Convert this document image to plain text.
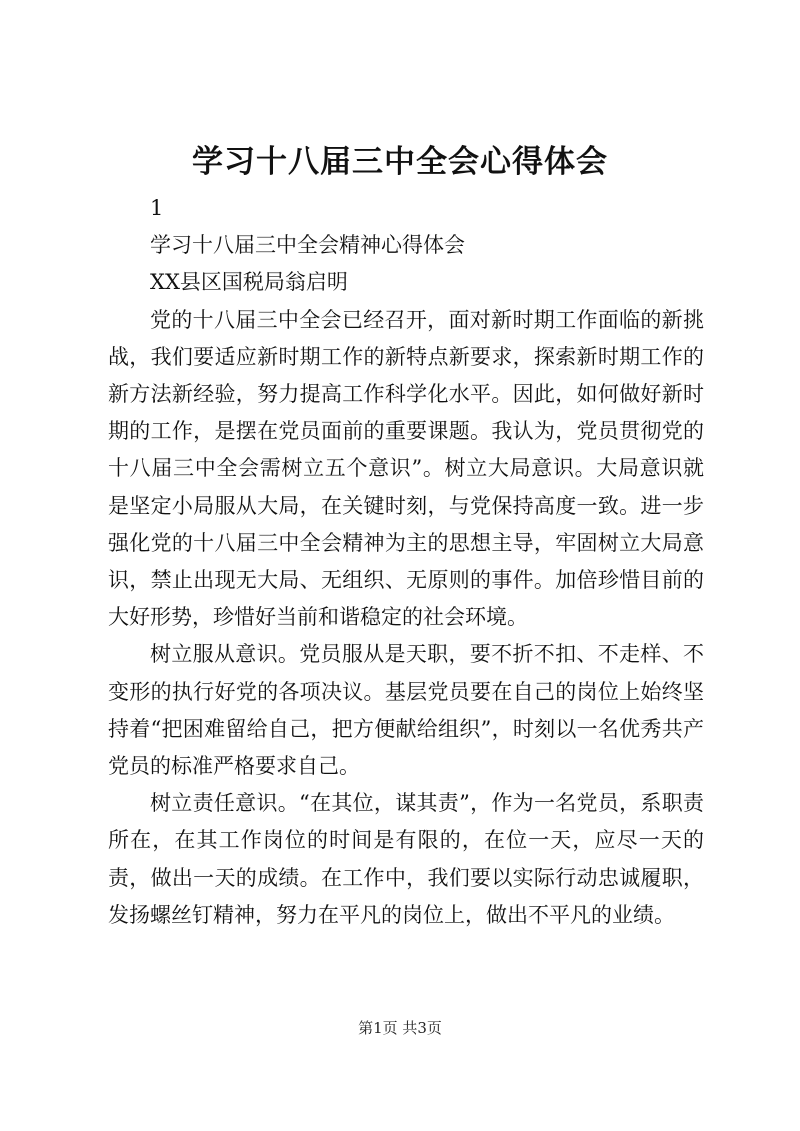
学习十八届三中全会心得体会

1

学习十八届三中全会精神心得体会

XX县区国税局翁启明

党的十八届三中全会已经召开，面对新时期工作面临的新挑战，我们要适应新时期工作的新特点新要求，探索新时期工作的新方法新经验，努力提高工作科学化水平。因此，如何做好新时期的工作，是摆在党员面前的重要课题。我认为，党员贯彻党的十八届三中全会需树立五个意识”。树立大局意识。大局意识就是坚定小局服从大局，在关键时刻，与党保持高度一致。进一步强化党的十八届三中全会精神为主的思想主导，牢固树立大局意识，禁止出现无大局、无组织、无原则的事件。加倍珍惜目前的大好形势，珍惜好当前和谐稳定的社会环境。

树立服从意识。党员服从是天职，要不折不扣、不走样、不变形的执行好党的各项决议。基层党员要在自己的岗位上始终坚持着“把困难留给自己，把方便献给组织”，时刻以一名优秀共产党员的标准严格要求自己。

树立责任意识。“在其位，谋其责”，作为一名党员，系职责所在，在其工作岗位的时间是有限的，在位一天，应尽一天的责，做出一天的成绩。在工作中，我们要以实际行动忠诚履职，发扬螺丝钉精神，努力在平凡的岗位上，做出不平凡的业绩。

第1页 共3页
